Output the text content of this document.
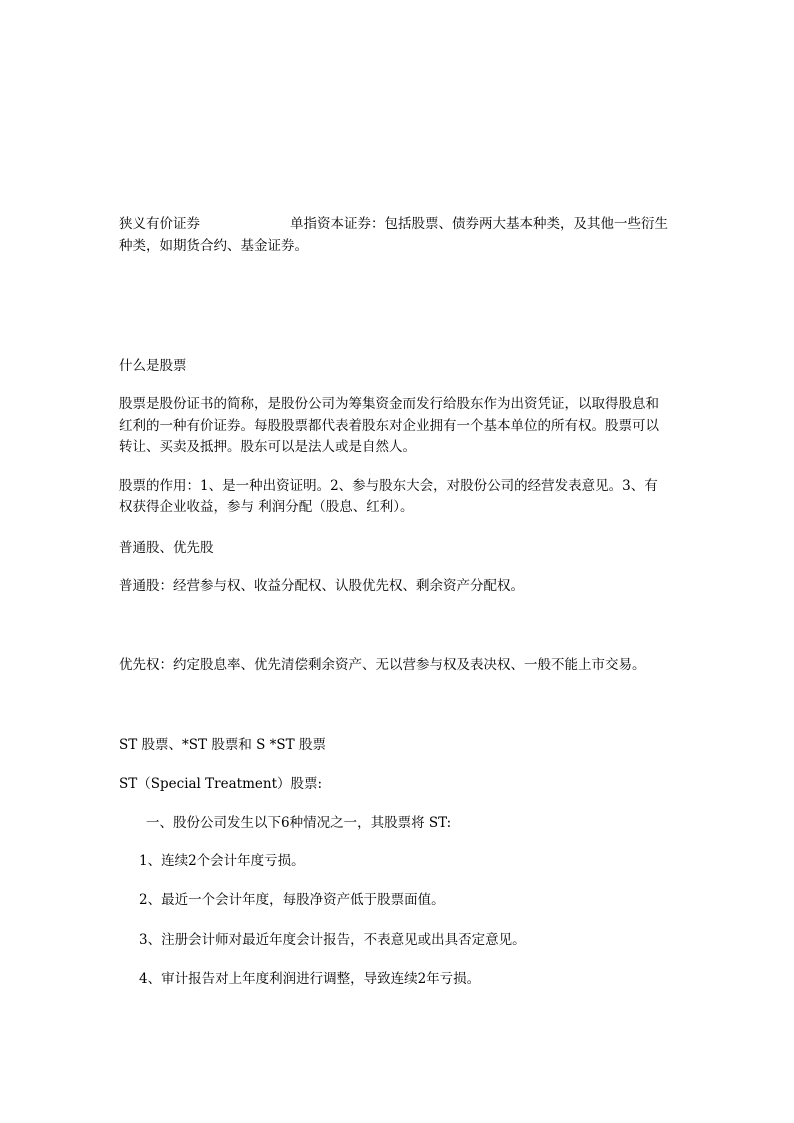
狭义有价证券	单指资本证券：包括股票、债券两大基本种类，及其他一些衍生
种类，如期货合约、基金证券。
什么是股票
股票是股份证书的简称，是股份公司为筹集资金而发行给股东作为出资凭证，以取得股息和
红利的一种有价证券。每股股票都代表着股东对企业拥有一个基本单位的所有权。股票可以
转让、买卖及抵押。股东可以是法人或是自然人。
股票的作用：1、是一种出资证明。2、参与股东大会，对股份公司的经营发表意见。3、有
权获得企业收益，参与 利润分配（股息、红利）。
普通股、优先股
普通股：经营参与权、收益分配权、认股优先权、剩余资产分配权。
优先权：约定股息率、优先清偿剩余资产、无以营参与权及表决权、一般不能上市交易。
ST 股票、*ST 股票和 S *ST 股票
ST（Special Treatment）股票:
一、股份公司发生以下6种情况之一，其股票将 ST:
1、连续2个会计年度亏损。
2、最近一个会计年度，每股净资产低于股票面值。
3、注册会计师对最近年度会计报告，不表意见或出具否定意见。
4、审计报告对上年度利润进行调整，导致连续2年亏损。
